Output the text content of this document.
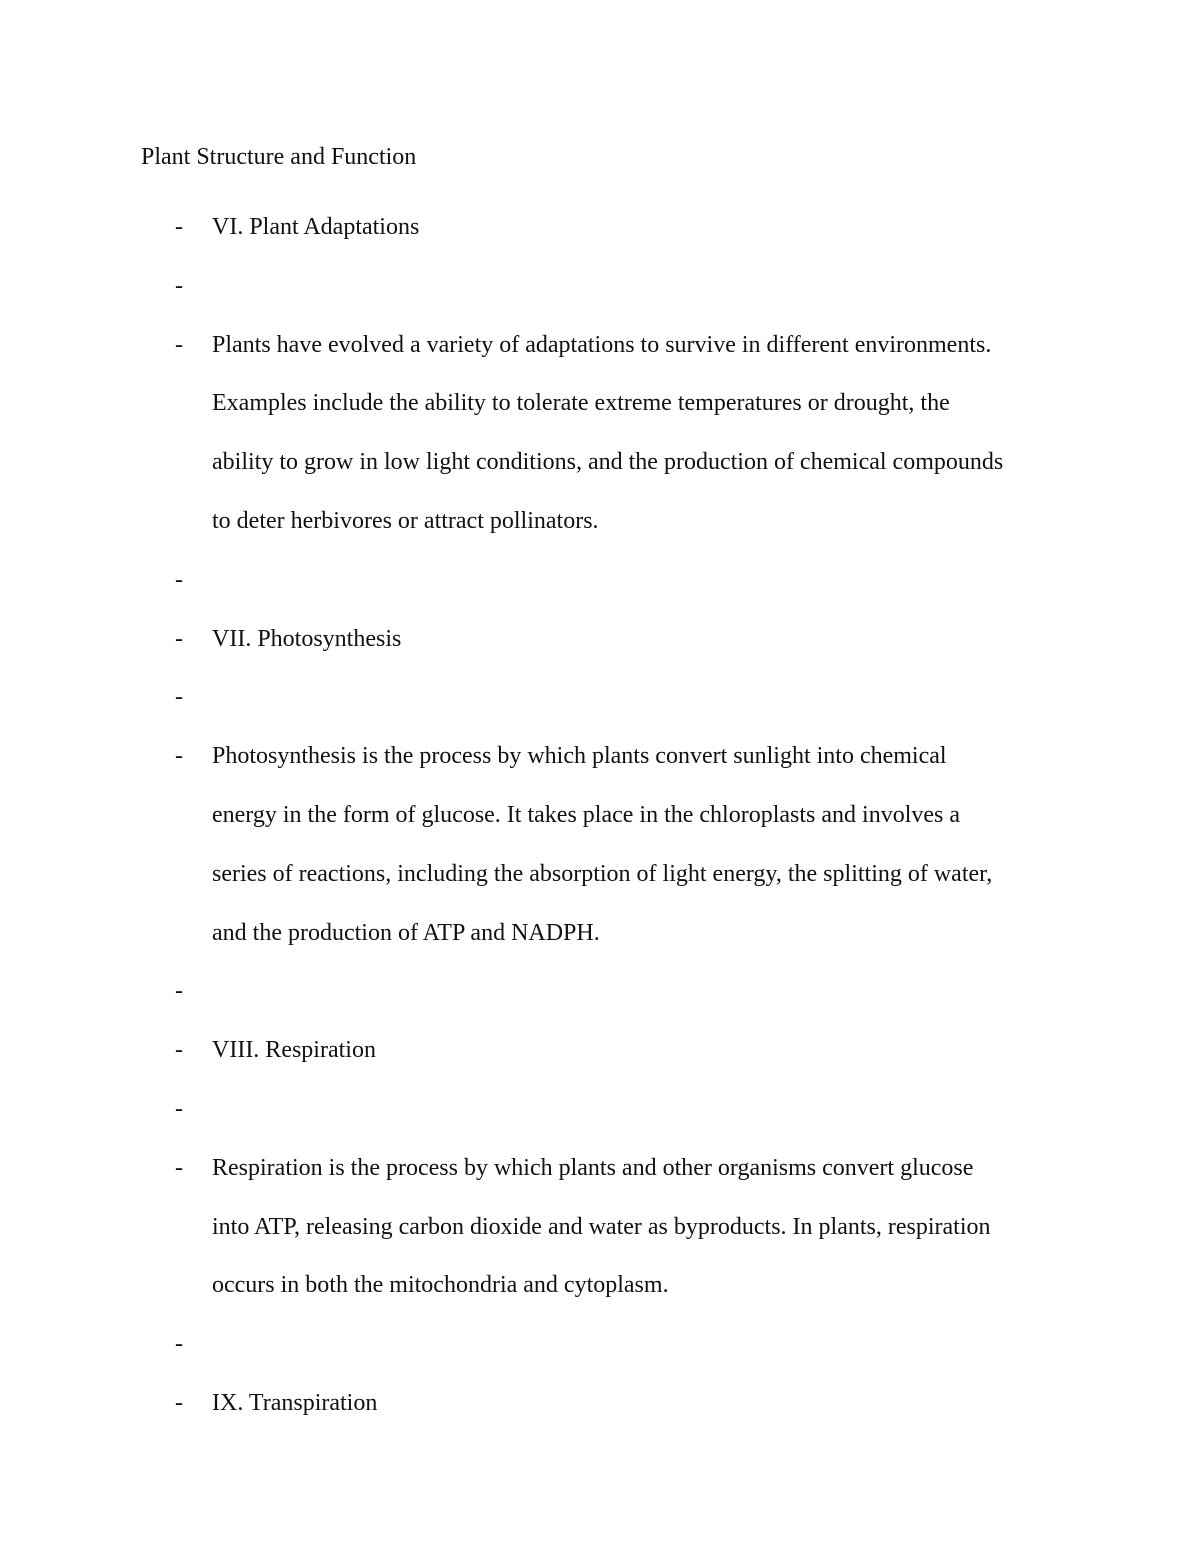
Plant Structure and Function
- VI. Plant Adaptations
-
- Plants have evolved a variety of adaptations to survive in different environments.
Examples include the ability to tolerate extreme temperatures or drought, the
ability to grow in low light conditions, and the production of chemical compounds
to deter herbivores or attract pollinators.
-
- VII. Photosynthesis
-
- Photosynthesis is the process by which plants convert sunlight into chemical
energy in the form of glucose. It takes place in the chloroplasts and involves a
series of reactions, including the absorption of light energy, the splitting of water,
and the production of ATP and NADPH.
-
- VIII. Respiration
-
- Respiration is the process by which plants and other organisms convert glucose
into ATP, releasing carbon dioxide and water as byproducts. In plants, respiration
occurs in both the mitochondria and cytoplasm.
-
- IX. Transpiration
